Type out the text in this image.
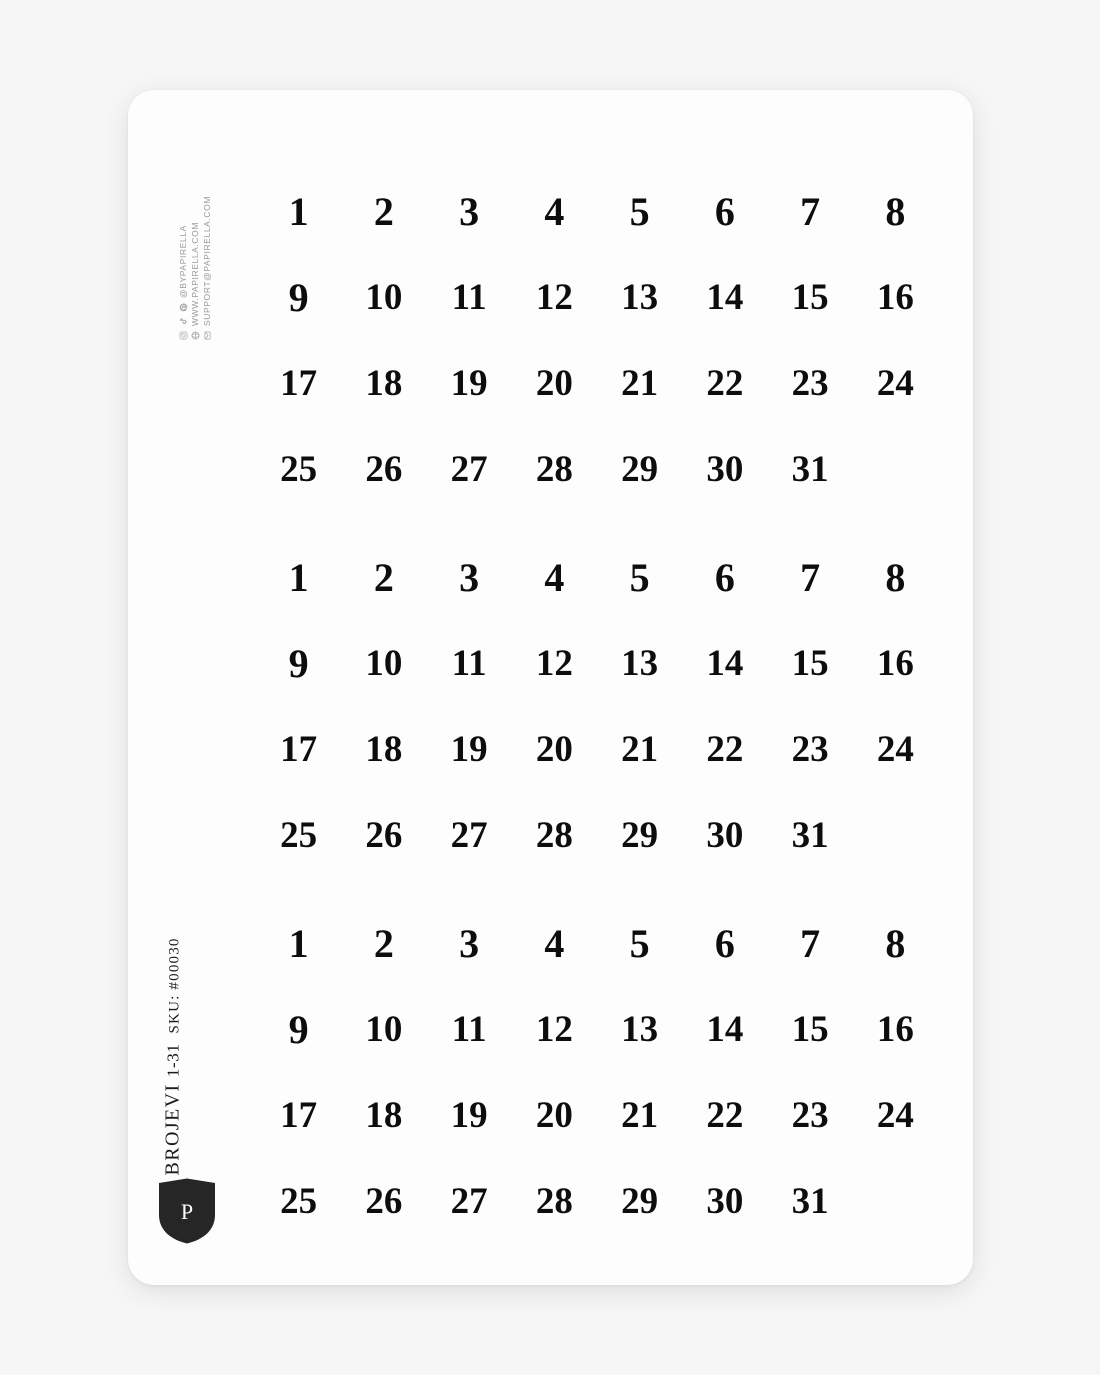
@BYPAPIRELLA WWW.PAPIRELLA.COM SUPPORT@PAPIRELLA.COM
BROJEVI 1-31
SKU: #00030
P
1	2	3	4	5	6	7	8
9	10	11	12	13	14	15	16
17	18	19	20	21	22	23	24
25	26	27	28	29	30	31
1	2	3	4	5	6	7	8
9	10	11	12	13	14	15	16
17	18	19	20	21	22	23	24
25	26	27	28	29	30	31
1	2	3	4	5	6	7	8
9	10	11	12	13	14	15	16
17	18	19	20	21	22	23	24
25	26	27	28	29	30	31
